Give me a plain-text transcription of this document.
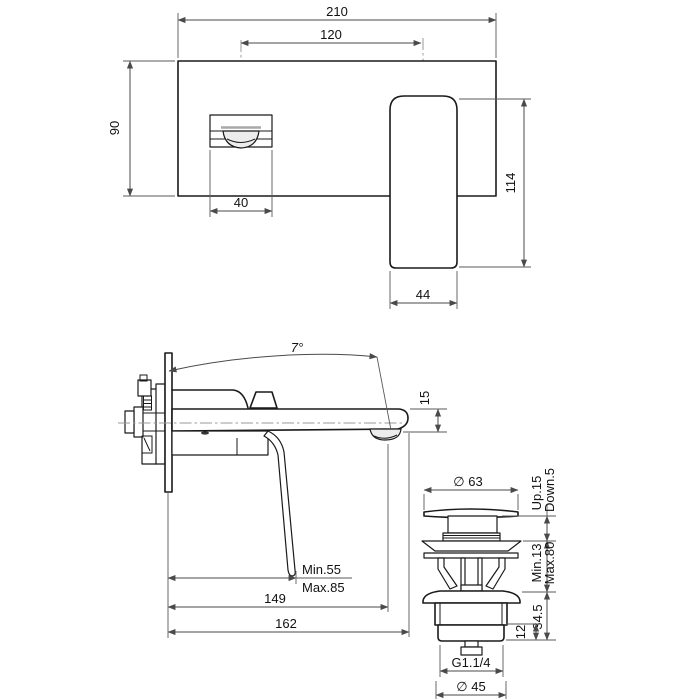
210
120
90
40
114
44
7°
15
Min.55
Max.85
149
162
∅ 63	Up.15
Down.5
Min.13
Max.80
34.5
12
G1.1/4
∅ 45
